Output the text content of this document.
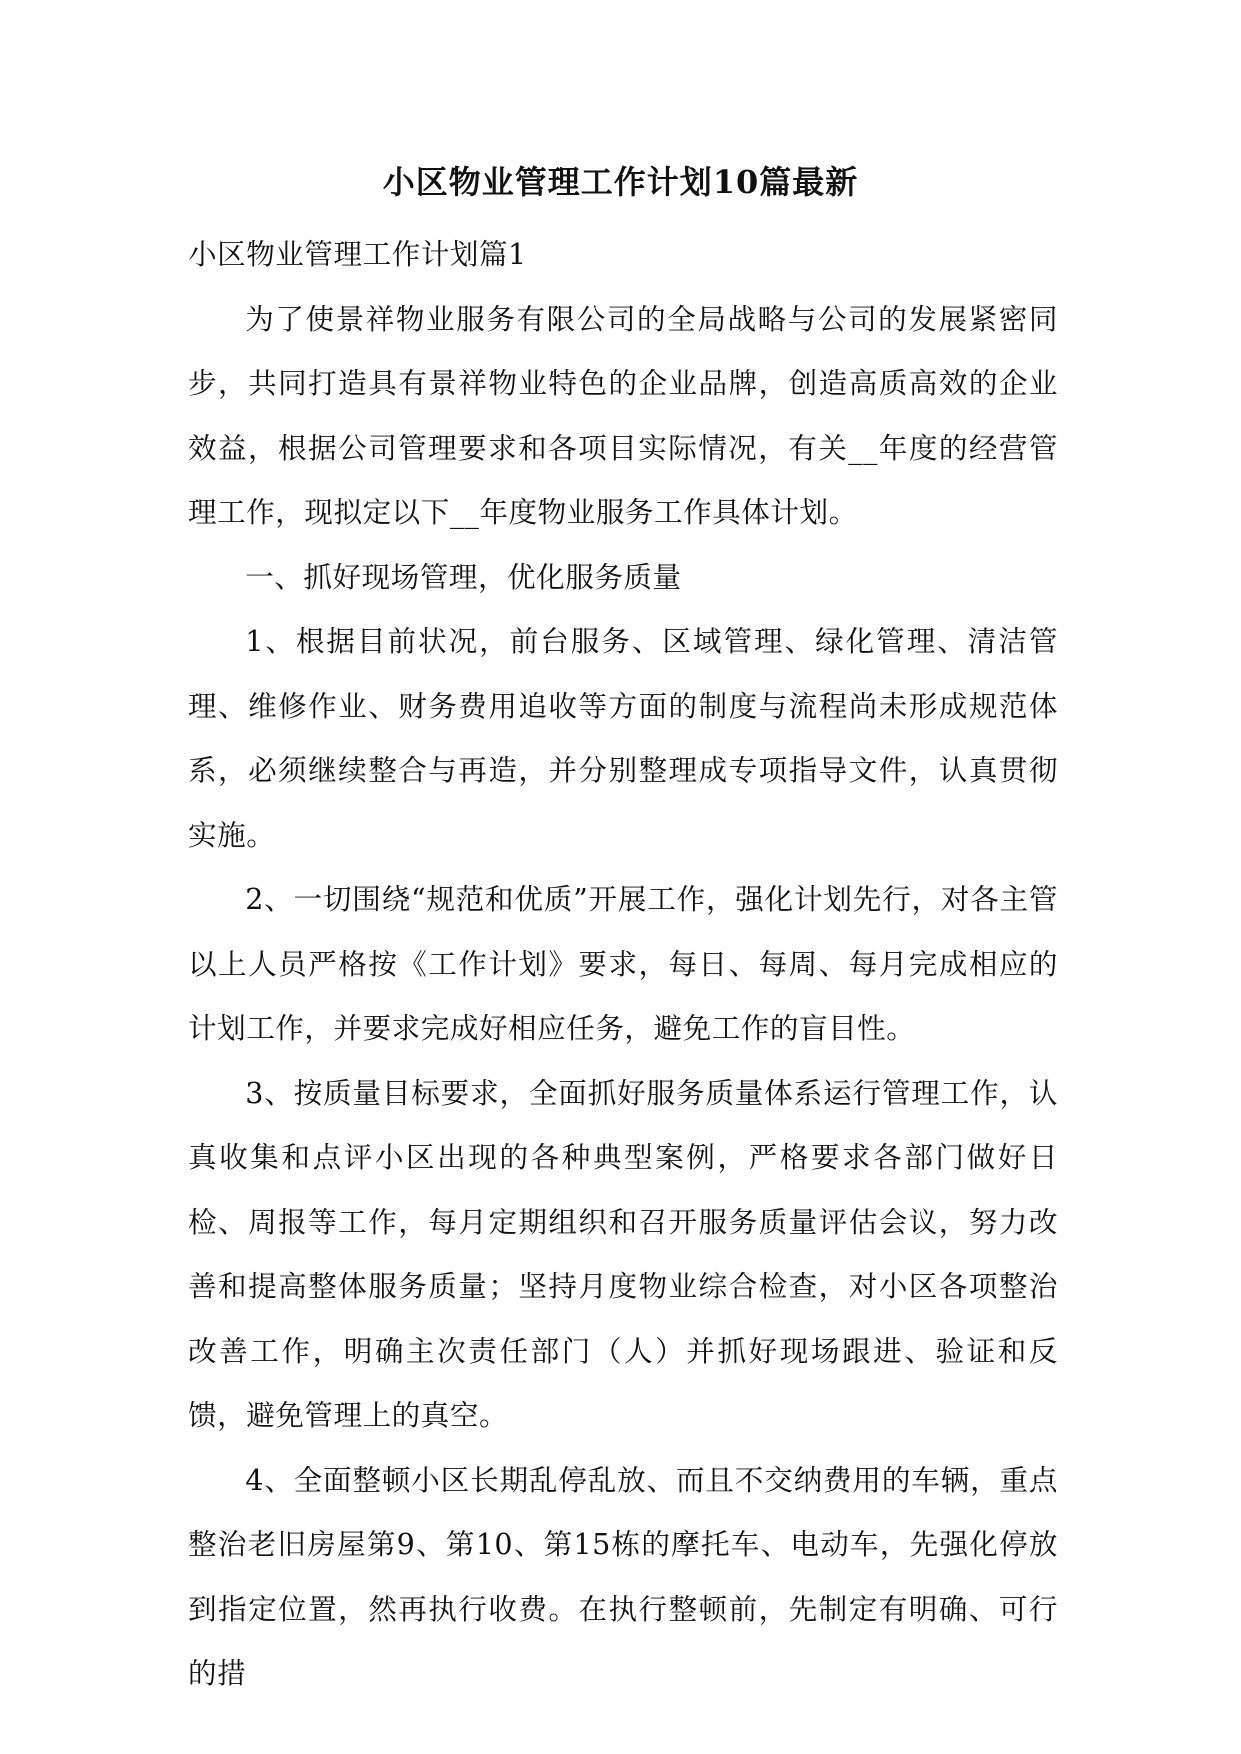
小区物业管理工作计划10篇最新

小区物业管理工作计划篇1

为了使景祥物业服务有限公司的全局战略与公司的发展紧密同步，共同打造具有景祥物业特色的企业品牌，创造高质高效的企业效益，根据公司管理要求和各项目实际情况，有关__年度的经营管理工作，现拟定以下__年度物业服务工作具体计划。

一、抓好现场管理，优化服务质量

1、根据目前状况，前台服务、区域管理、绿化管理、清洁管理、维修作业、财务费用追收等方面的制度与流程尚未形成规范体系，必须继续整合与再造，并分别整理成专项指导文件，认真贯彻实施。

2、一切围绕“规范和优质”开展工作，强化计划先行，对各主管以上人员严格按《工作计划》要求，每日、每周、每月完成相应的计划工作，并要求完成好相应任务，避免工作的盲目性。

3、按质量目标要求，全面抓好服务质量体系运行管理工作，认真收集和点评小区出现的各种典型案例，严格要求各部门做好日检、周报等工作，每月定期组织和召开服务质量评估会议，努力改善和提高整体服务质量；坚持月度物业综合检查，对小区各项整治改善工作，明确主次责任部门（人）并抓好现场跟进、验证和反馈，避免管理上的真空。

4、全面整顿小区长期乱停乱放、而且不交纳费用的车辆，重点整治老旧房屋第9、第10、第15栋的摩托车、电动车，先强化停放到指定位置，然再执行收费。在执行整顿前，先制定有明确、可行的措
